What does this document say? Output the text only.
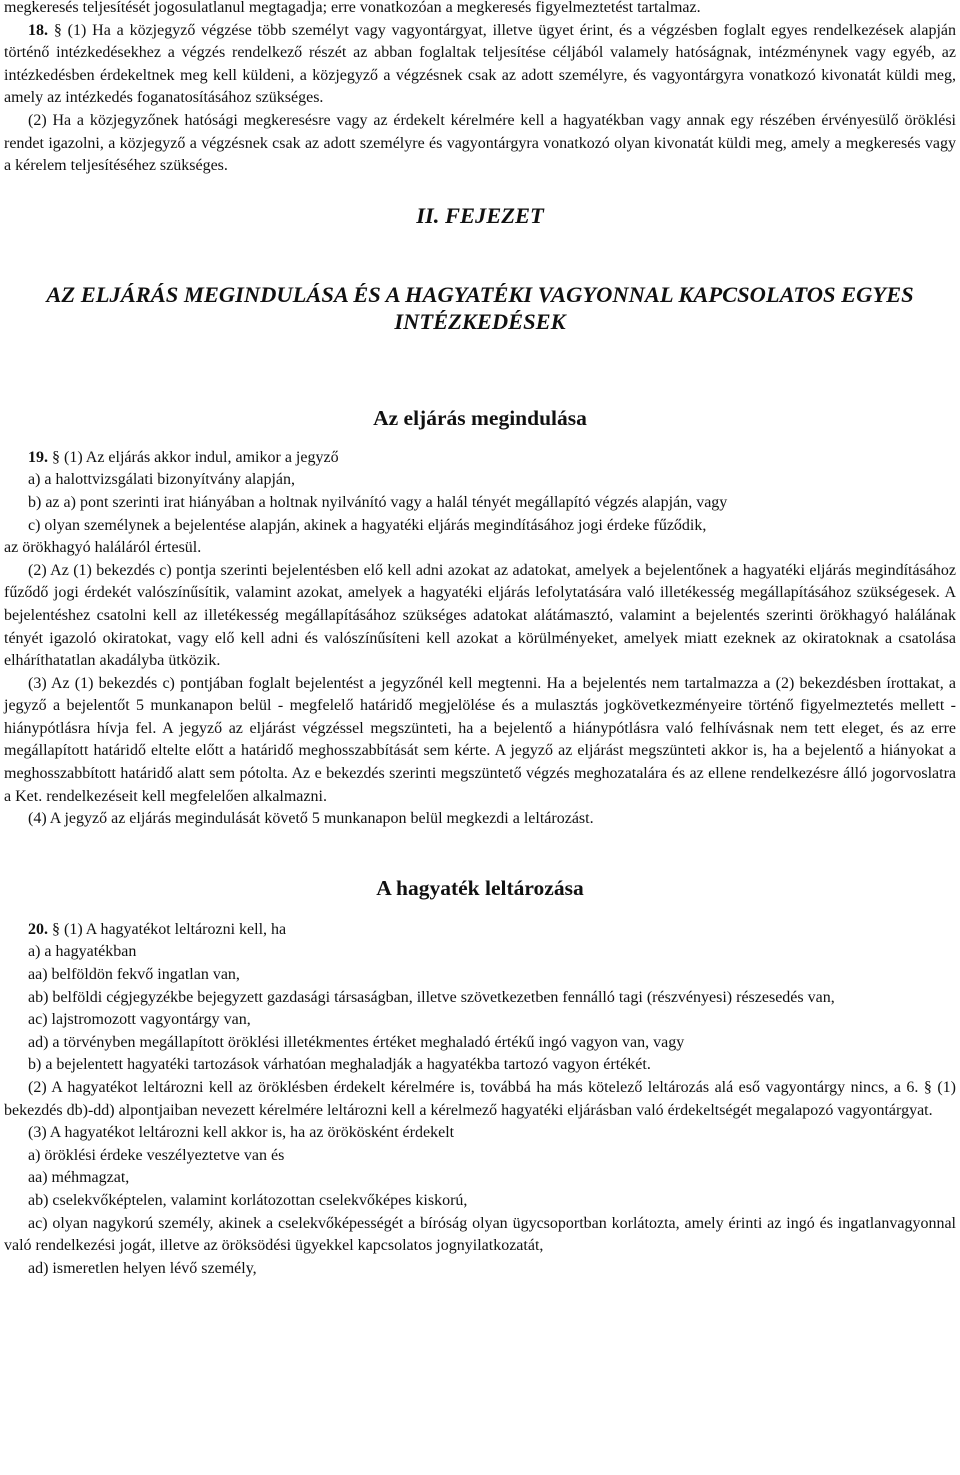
megkeresés teljesítését jogosulatlanul megtagadja; erre vonatkozóan a megkeresés figyelmeztetést tartalmaz.

18. § (1) Ha a közjegyző végzése több személyt vagy vagyontárgyat, illetve ügyet érint, és a végzésben foglalt egyes rendelkezések alapján történő intézkedésekhez a végzés rendelkező részét az abban foglaltak teljesítése céljából valamely hatóságnak, intézménynek vagy egyéb, az intézkedésben érdekeltnek meg kell küldeni, a közjegyző a végzésnek csak az adott személyre, és vagyontárgyra vonatkozó kivonatát küldi meg, amely az intézkedés foganatosításához szükséges.

(2) Ha a közjegyzőnek hatósági megkeresésre vagy az érdekelt kérelmére kell a hagyatékban vagy annak egy részében érvényesülő öröklési rendet igazolni, a közjegyző a végzésnek csak az adott személyre és vagyontárgyra vonatkozó olyan kivonatát küldi meg, amely a megkeresés vagy a kérelem teljesítéséhez szükséges.

II. FEJEZET
AZ ELJÁRÁS MEGINDULÁSA ÉS A HAGYATÉKI VAGYONNAL KAPCSOLATOS EGYES INTÉZKEDÉSEK
Az eljárás megindulása

19. § (1) Az eljárás akkor indul, amikor a jegyző

a) a halottvizsgálati bizonyítvány alapján,

b) az a) pont szerinti irat hiányában a holtnak nyilvánító vagy a halál tényét megállapító végzés alapján, vagy

c) olyan személynek a bejelentése alapján, akinek a hagyatéki eljárás megindításához jogi érdeke fűződik,

az örökhagyó haláláról értesül.

(2) Az (1) bekezdés c) pontja szerinti bejelentésben elő kell adni azokat az adatokat, amelyek a bejelentőnek a hagyatéki eljárás megindításához fűződő jogi érdekét valószínűsítik, valamint azokat, amelyek a hagyatéki eljárás lefolytatására való illetékesség megállapításához szükségesek. A bejelentéshez csatolni kell az illetékesség megállapításához szükséges adatokat alátámasztó, valamint a bejelentés szerinti örökhagyó halálának tényét igazoló okiratokat, vagy elő kell adni és valószínűsíteni kell azokat a körülményeket, amelyek miatt ezeknek az okiratoknak a csatolása elháríthatatlan akadályba ütközik.

(3) Az (1) bekezdés c) pontjában foglalt bejelentést a jegyzőnél kell megtenni. Ha a bejelentés nem tartalmazza a (2) bekezdésben írottakat, a jegyző a bejelentőt 5 munkanapon belül - megfelelő határidő megjelölése és a mulasztás jogkövetkezményeire történő figyelmeztetés mellett - hiánypótlásra hívja fel. A jegyző az eljárást végzéssel megszünteti, ha a bejelentő a hiánypótlásra való felhívásnak nem tett eleget, és az erre megállapított határidő eltelte előtt a határidő meghosszabbítását sem kérte. A jegyző az eljárást megszünteti akkor is, ha a bejelentő a hiányokat a meghosszabbított határidő alatt sem pótolta. Az e bekezdés szerinti megszüntető végzés meghozatalára és az ellene rendelkezésre álló jogorvoslatra a Ket. rendelkezéseit kell megfelelően alkalmazni.

(4) A jegyző az eljárás megindulását követő 5 munkanapon belül megkezdi a leltározást.

A hagyaték leltározása

20. § (1) A hagyatékot leltározni kell, ha

a) a hagyatékban

aa) belföldön fekvő ingatlan van,

ab) belföldi cégjegyzékbe bejegyzett gazdasági társaságban, illetve szövetkezetben fennálló tagi (részvényesi) részesedés van,

ac) lajstromozott vagyontárgy van,

ad) a törvényben megállapított öröklési illetékmentes értéket meghaladó értékű ingó vagyon van, vagy

b) a bejelentett hagyatéki tartozások várhatóan meghaladják a hagyatékba tartozó vagyon értékét.

(2) A hagyatékot leltározni kell az öröklésben érdekelt kérelmére is, továbbá ha más kötelező leltározás alá eső vagyontárgy nincs, a 6. § (1) bekezdés db)-dd) alpontjaiban nevezett kérelmére leltározni kell a kérelmező hagyatéki eljárásban való érdekeltségét megalapozó vagyontárgyat.

(3) A hagyatékot leltározni kell akkor is, ha az örökösként érdekelt

a) öröklési érdeke veszélyeztetve van és

aa) méhmagzat,

ab) cselekvőképtelen, valamint korlátozottan cselekvőképes kiskorú,

ac) olyan nagykorú személy, akinek a cselekvőképességét a bíróság olyan ügycsoportban korlátozta, amely érinti az ingó és ingatlanvagyonnal való rendelkezési jogát, illetve az öröksödési ügyekkel kapcsolatos jognyilatkozatát,

ad) ismeretlen helyen lévő személy,
